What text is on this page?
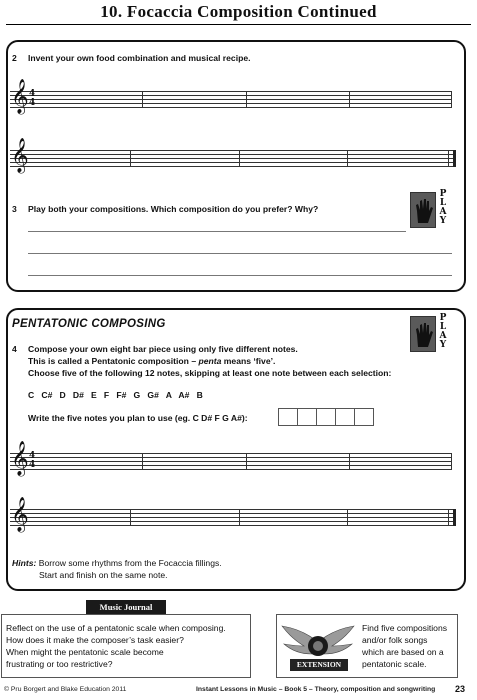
10. Focaccia Composition Continued
2 Invent your own food combination and musical recipe.
𝄞 4
4
𝄞
3 Play both your compositions. Which composition do you prefer? Why?
P
L
A
Y
PENTATONIC COMPOSING	P
L
A
Y
4 Compose your own eight bar piece using only five different notes.
This is called a Pentatonic composition – penta means ‘five’.
Choose five of the following 12 notes, skipping at least one note between each selection:
C   C#   D   D#   E   F   F#   G   G#   A   A#   B
Write the five notes you plan to use (eg. C D# F G A#):
𝄞 4
4
𝄞
Hints: Borrow some rhythms from the Focaccia fillings.
Start and finish on the same note.
Music Journal
Reflect on the use of a pentatonic scale when composing.
How does it make the composer’s task easier?
When might the pentatonic scale become
frustrating or too restrictive?	EXTENSION
Find five compositions
and/or folk songs
which are based on a
pentatonic scale.
© Pru Borgert and Blake Education 2011	Instant Lessons in Music – Book 5 – Theory, composition and songwriting 23
